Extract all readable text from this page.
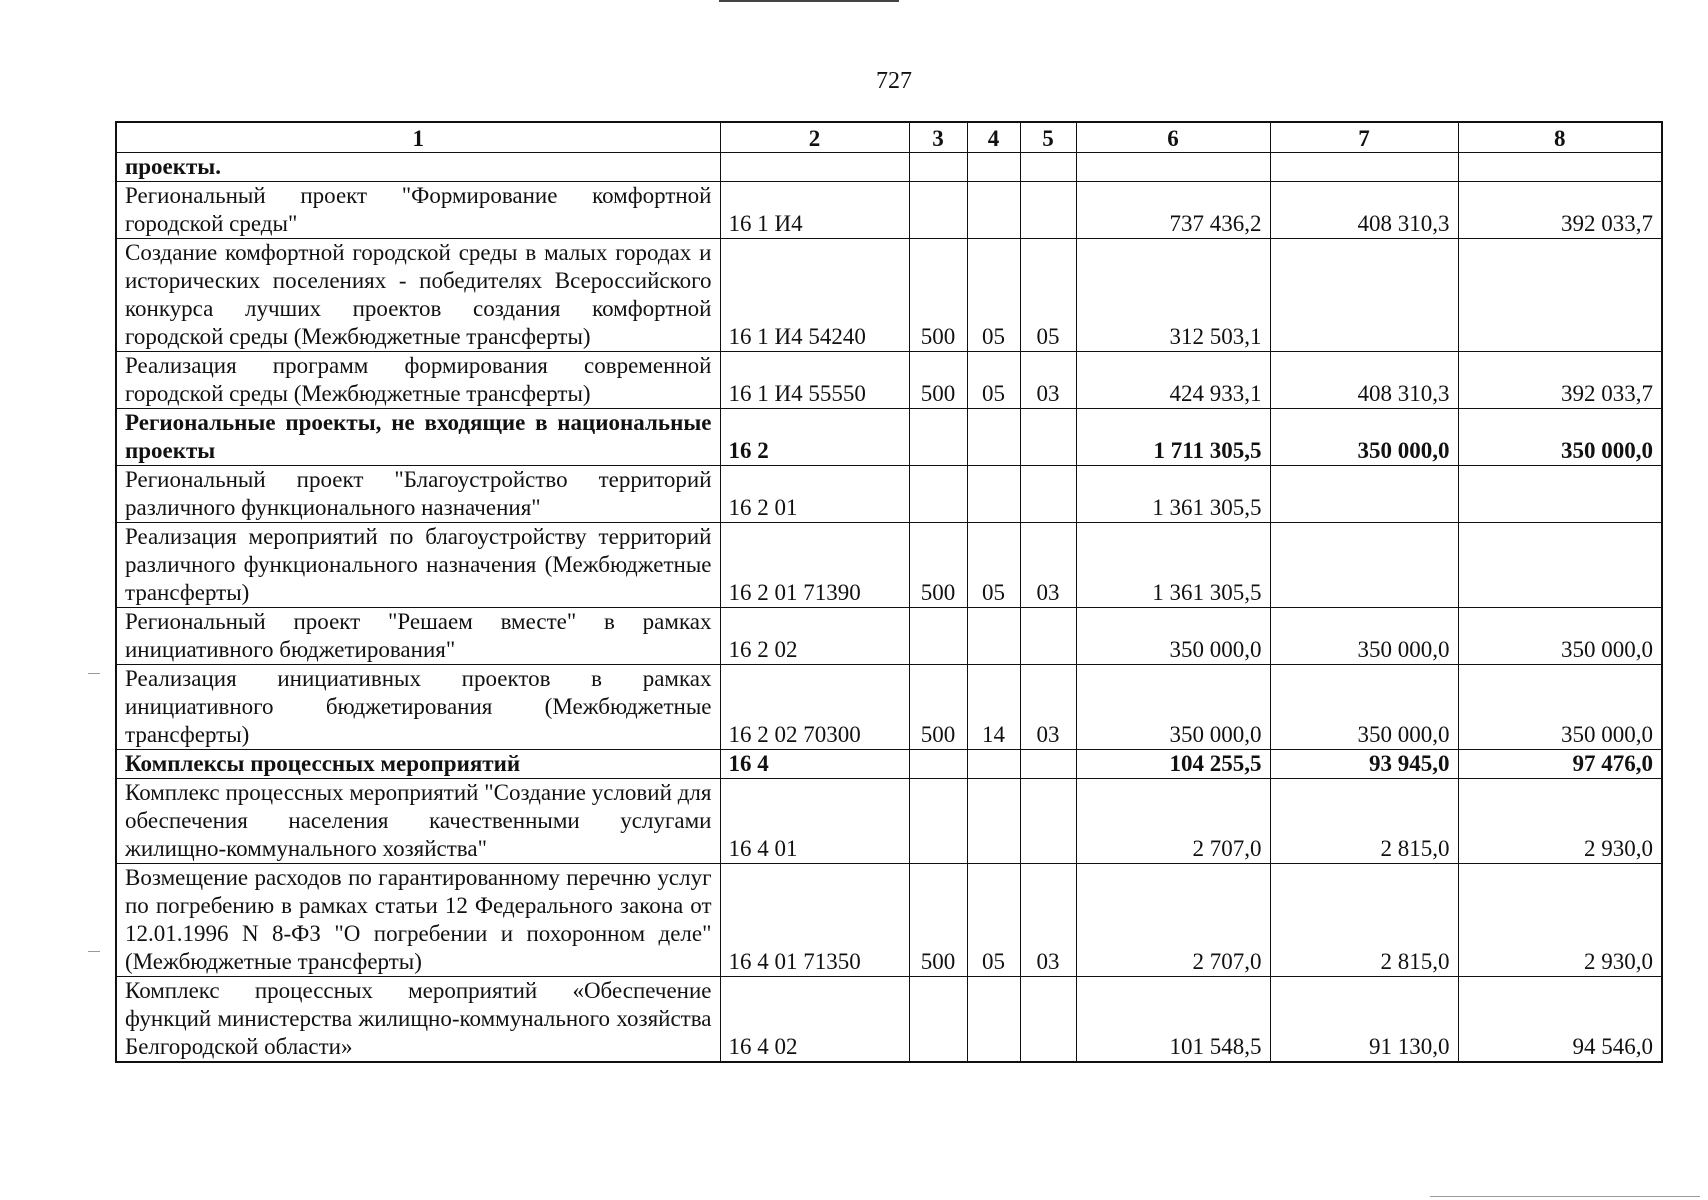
727
1	2	3	4	5	6	7	8
проекты.							
Региональный проект "Формирование комфортной городской среды"	16 1 И4				737 436,2	408 310,3	392 033,7
Создание комфортной городской среды в малых городах и исторических поселениях - победителях Всероссийского конкурса лучших проектов создания комфортной городской среды (Межбюджетные трансферты)	16 1 И4 54240	500	05	05	312 503,1		
Реализация программ формирования современной городской среды (Межбюджетные трансферты)	16 1 И4 55550	500	05	03	424 933,1	408 310,3	392 033,7
Региональные проекты, не входящие в национальные проекты	16 2				1 711 305,5	350 000,0	350 000,0
Региональный проект "Благоустройство территорий различного функционального назначения"	16 2 01				1 361 305,5		
Реализация мероприятий по благоустройству территорий различного функционального назначения (Межбюджетные трансферты)	16 2 01 71390	500	05	03	1 361 305,5		
Региональный проект "Решаем вместе" в рамках инициативного бюджетирования"	16 2 02				350 000,0	350 000,0	350 000,0
Реализация инициативных проектов в рамках инициативного бюджетирования (Межбюджетные трансферты)	16 2 02 70300	500	14	03	350 000,0	350 000,0	350 000,0
Комплексы процессных мероприятий	16 4				104 255,5	93 945,0	97 476,0
Комплекс процессных мероприятий "Создание условий для обеспечения населения качественными услугами жилищно-коммунального хозяйства"	16 4 01				2 707,0	2 815,0	2 930,0
Возмещение расходов по гарантированному перечню услуг по погребению в рамках статьи 12 Федерального закона от 12.01.1996 N 8-ФЗ "О погребении и похоронном деле" (Межбюджетные трансферты)	16 4 01 71350	500	05	03	2 707,0	2 815,0	2 930,0
Комплекс процессных мероприятий «Обеспечение функций министерства жилищно-коммунального хозяйства Белгородской области»	16 4 02				101 548,5	91 130,0	94 546,0
